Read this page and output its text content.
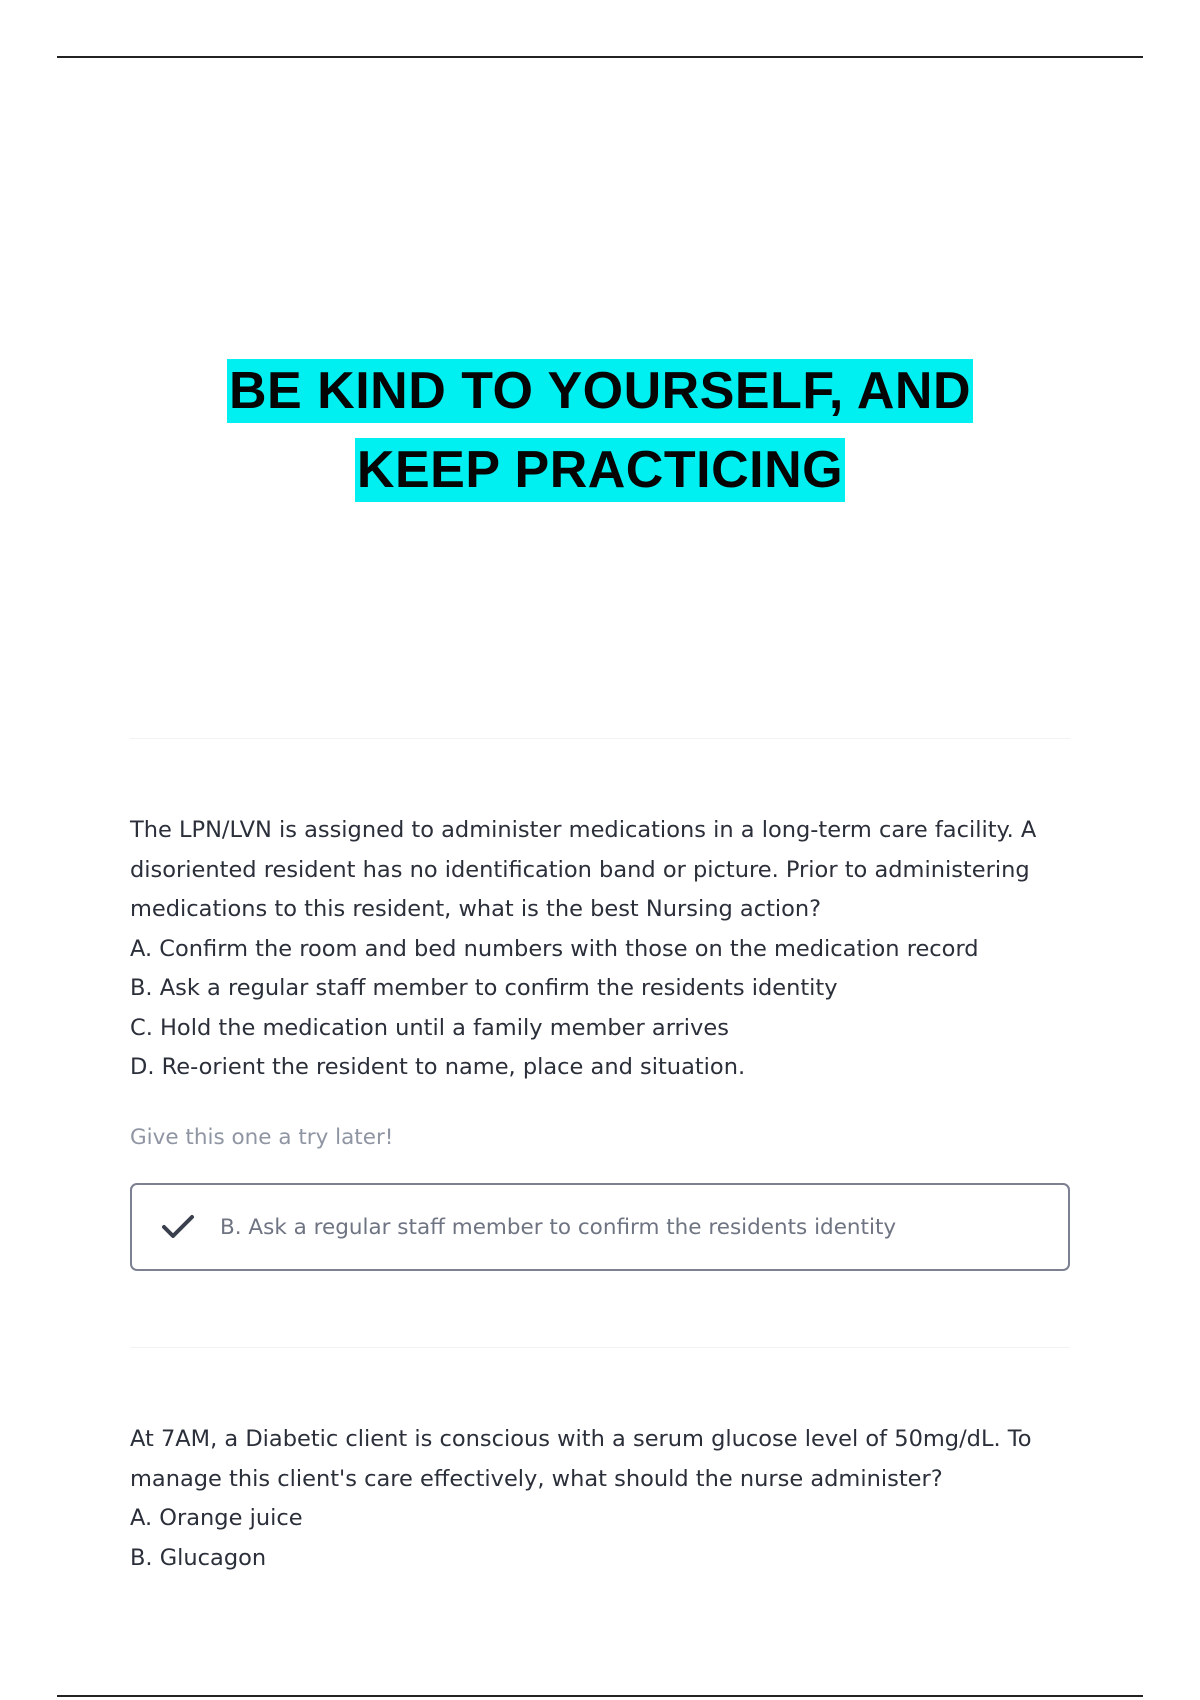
BE KIND TO YOURSELF, AND
KEEP PRACTICING

The LPN/LVN is assigned to administer medications in a long-term care facility. A

disoriented resident has no identification band or picture. Prior to administering

medications to this resident, what is the best Nursing action?

A. Confirm the room and bed numbers with those on the medication record

B. Ask a regular staff member to confirm the residents identity

C. Hold the medication until a family member arrives

D. Re-orient the resident to name, place and situation.

Give this one a try later!
B. Ask a regular staff member to confirm the residents identity

At 7AM, a Diabetic client is conscious with a serum glucose level of 50mg/dL. To

manage this client's care effectively, what should the nurse administer?

A. Orange juice

B. Glucagon
